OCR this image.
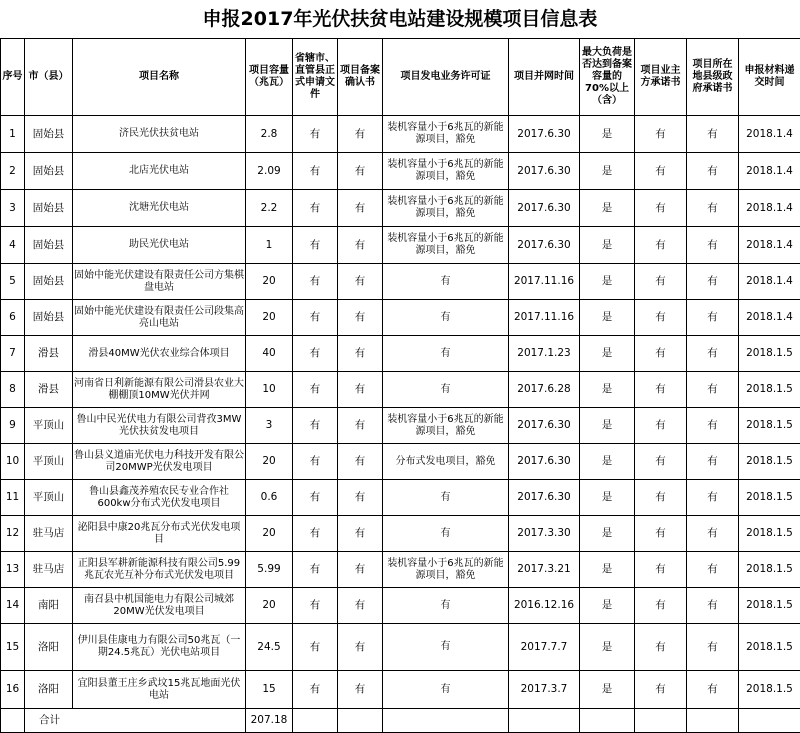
申报2017年光伏扶贫电站建设规模项目信息表
序号	市（县）	项目名称	项目容量（兆瓦）	省辖市、直管县正式申请文件	项目备案确认书	项目发电业务许可证	项目并网时间	最大负荷是否达到备案容量的70%以上（含）	项目业主方承诺书	项目所在地县级政府承诺书	申报材料递交时间
1	固始县	济民光伏扶贫电站	2.8	有	有	装机容量小于6兆瓦的新能源项目，豁免	2017.6.30	是	有	有	2018.1.4
2	固始县	北店光伏电站	2.09	有	有	装机容量小于6兆瓦的新能源项目，豁免	2017.6.30	是	有	有	2018.1.4
3	固始县	沈塘光伏电站	2.2	有	有	装机容量小于6兆瓦的新能源项目，豁免	2017.6.30	是	有	有	2018.1.4
4	固始县	助民光伏电站	1	有	有	装机容量小于6兆瓦的新能源项目，豁免	2017.6.30	是	有	有	2018.1.4
5	固始县	固始中能光伏建设有限责任公司方集棋盘电站	20	有	有	有	2017.11.16	是	有	有	2018.1.4
6	固始县	固始中能光伏建设有限责任公司段集高亮山电站	20	有	有	有	2017.11.16	是	有	有	2018.1.4
7	滑县	滑县40MW光伏农业综合体项目	40	有	有	有	2017.1.23	是	有	有	2018.1.5
8	滑县	河南省日利新能源有限公司滑县农业大棚棚顶10MW光伏并网	10	有	有	有	2017.6.28	是	有	有	2018.1.5
9	平顶山	鲁山中民光伏电力有限公司背孜3MW光伏扶贫发电项目	3	有	有	装机容量小于6兆瓦的新能源项目，豁免	2017.6.30	是	有	有	2018.1.5
10	平顶山	鲁山县义道庙光伏电力科技开发有限公司20MWP光伏发电项目	20	有	有	分布式发电项目，豁免	2017.6.30	是	有	有	2018.1.5
11	平顶山	鲁山县鑫茂养殖农民专业合作社600kw分布式光伏发电项目	0.6	有	有	有	2017.6.30	是	有	有	2018.1.5
12	驻马店	泌阳县中康20兆瓦分布式光伏发电项目	20	有	有	有	2017.3.30	是	有	有	2018.1.5
13	驻马店	正阳县军耕新能源科技有限公司5.99兆瓦农光互补分布式光伏发电项目	5.99	有	有	装机容量小于6兆瓦的新能源项目，豁免	2017.3.21	是	有	有	2018.1.5
14	南阳	南召县中机国能电力有限公司城郊20MW光伏发电项目	20	有	有	有	2016.12.16	是	有	有	2018.1.5
15	洛阳	伊川县佳康电力有限公司50兆瓦（一期24.5兆瓦）光伏电站项目	24.5	有	有	有	2017.7.7	是	有	有	2018.1.5
16	洛阳	宜阳县董王庄乡武坟15兆瓦地面光伏电站	15	有	有	有	2017.3.7	是	有	有	2018.1.5
	合计		207.18								
